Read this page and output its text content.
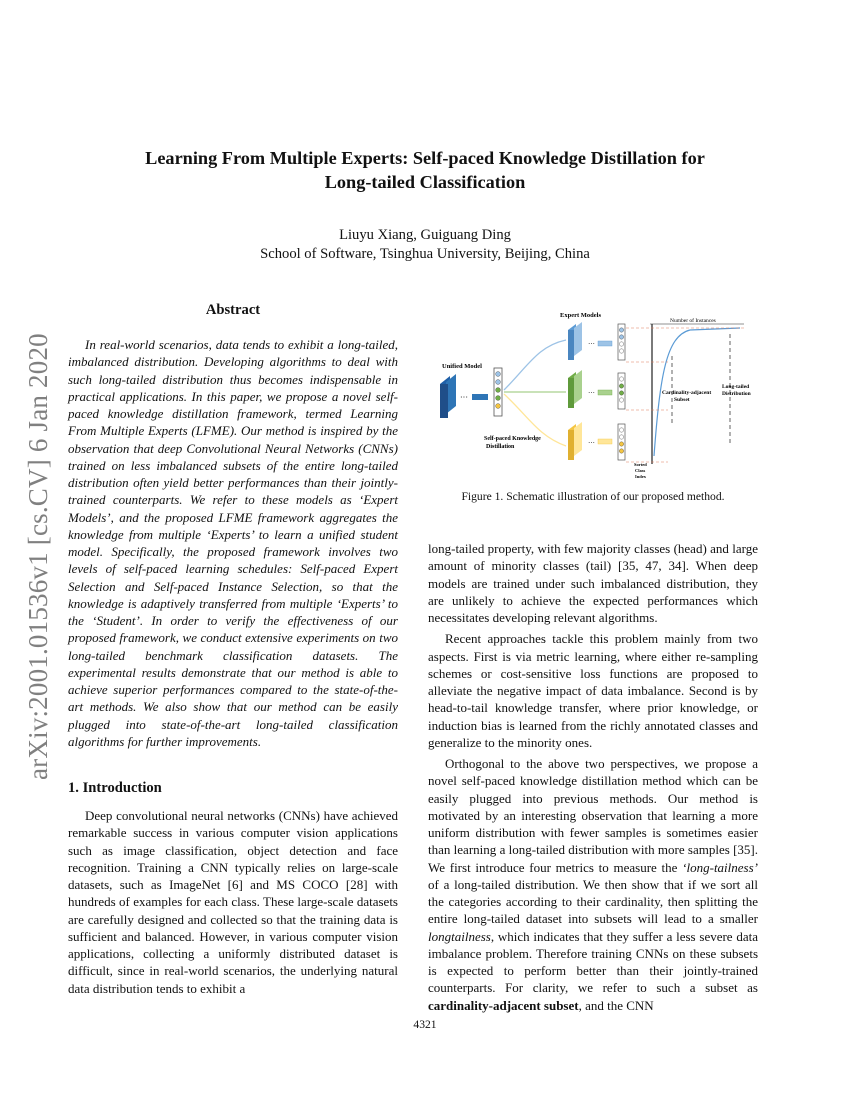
arXiv:2001.01536v1 [cs.CV] 6 Jan 2020
Learning From Multiple Experts: Self-paced Knowledge Distillation for
Long-tailed Classification
Liuyu Xiang, Guiguang Ding
School of Software, Tsinghua University, Beijing, China
Abstract

In real-world scenarios, data tends to exhibit a long-tailed, imbalanced distribution. Developing algorithms to deal with such long-tailed distribution thus becomes indispensable in practical applications. In this paper, we propose a novel self-paced knowledge distillation framework, termed Learning From Multiple Experts (LFME). Our method is inspired by the observation that deep Convolutional Neural Networks (CNNs) trained on less imbalanced subsets of the entire long-tailed distribution often yield better performances than their jointly-trained counterparts. We refer to these models as ‘Expert Models’, and the proposed LFME framework aggregates the knowledge from multiple ‘Experts’ to learn a unified student model. Specifically, the proposed framework involves two levels of self-paced learning schedules: Self-paced Expert Selection and Self-paced Instance Selection, so that the knowledge is adaptively transferred from multiple ‘Experts’ to the ‘Student’. In order to verify the effectiveness of our proposed framework, we conduct extensive experiments on two long-tailed benchmark classification datasets. The experimental results demonstrate that our method is able to achieve superior performances compared to the state-of-the-art methods. We also show that our method can be easily plugged into state-of-the-art long-tailed classification algorithms for further improvements.

1. Introduction

Deep convolutional neural networks (CNNs) have achieved remarkable success in various computer vision applications such as image classification, object detection and face recognition. Training a CNN typically relies on large-scale datasets, such as ImageNet [6] and MS COCO [28] with hundreds of examples for each class. These large-scale datasets are carefully designed and collected so that the training data is sufficient and balanced. However, in various computer vision applications, collecting a uniformly distributed dataset is difficult, since in real-world scenarios, the underlying natural data distribution tends to exhibit a

Unified Model
···
Self-paced Knowledge
Distillation
Expert Models
···
···
···
Number of Instances
Cardinality-adjacent
Subset
Long-tailed
Distribution
Sorted
Class
Index
Figure 1. Schematic illustration of our proposed method.

long-tailed property, with few majority classes (head) and large amount of minority classes (tail) [35, 47, 34]. When deep models are trained under such imbalanced distribution, they are unlikely to achieve the expected performances which necessitates developing relevant algorithms.

Recent approaches tackle this problem mainly from two aspects. First is via metric learning, where either re-sampling schemes or cost-sensitive loss functions are proposed to alleviate the negative impact of data imbalance. Second is by head-to-tail knowledge transfer, where prior knowledge, or induction bias is learned from the richly annotated classes and generalize to the minority ones.

Orthogonal to the above two perspectives, we propose a novel self-paced knowledge distillation method which can be easily plugged into previous methods. Our method is motivated by an interesting observation that learning a more uniform distribution with fewer samples is sometimes easier than learning a long-tailed distribution with more samples [35]. We first introduce four metrics to measure the ‘long-tailness’ of a long-tailed distribution. We then show that if we sort all the categories according to their cardinality, then splitting the entire long-tailed dataset into subsets will lead to a smaller longtailness, which indicates that they suffer a less severe data imbalance problem. Therefore training CNNs on these subsets is expected to perform better than their jointly-trained counterparts. For clarity, we refer to such a subset as cardinality-adjacent subset, and the CNN

4321
